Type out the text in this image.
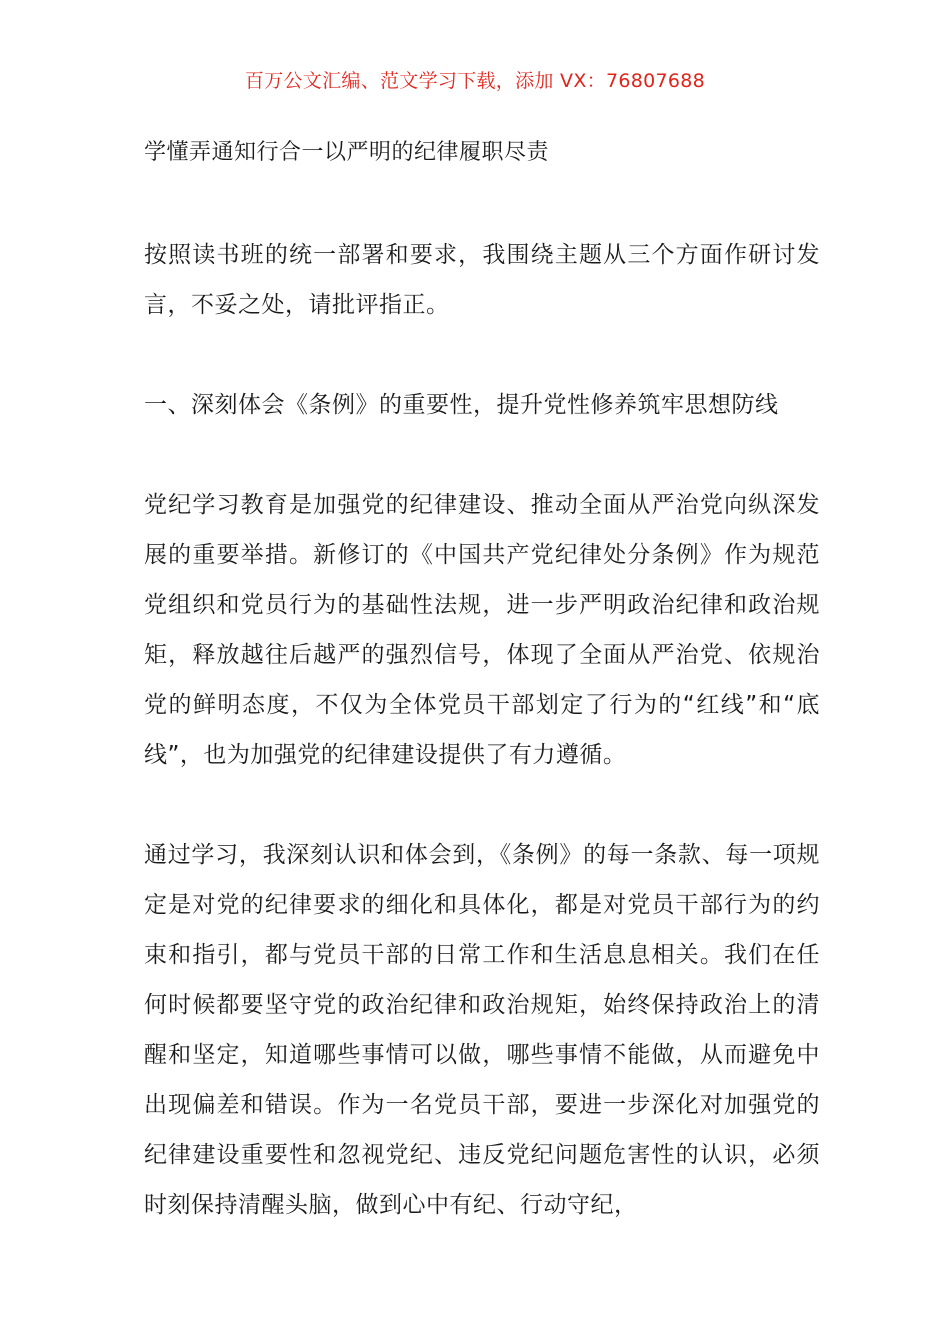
百万公文汇编、范文学习下载，添加 VX：76807688

学懂弄通知行合一以严明的纪律履职尽责

按照读书班的统一部署和要求，我围绕主题从三个方面作研讨发言，不妥之处，请批评指正。

一、深刻体会《条例》的重要性，提升党性修养筑牢思想防线

党纪学习教育是加强党的纪律建设、推动全面从严治党向纵深发展的重要举措。新修订的《中国共产党纪律处分条例》作为规范党组织和党员行为的基础性法规，进一步严明政治纪律和政治规矩，释放越往后越严的强烈信号，体现了全面从严治党、依规治党的鲜明态度，不仅为全体党员干部划定了行为的“红线”和“底线”，也为加强党的纪律建设提供了有力遵循。

通过学习，我深刻认识和体会到，《条例》的每一条款、每一项规定是对党的纪律要求的细化和具体化，都是对党员干部行为的约束和指引，都与党员干部的日常工作和生活息息相关。我们在任何时候都要坚守党的政治纪律和政治规矩，始终保持政治上的清醒和坚定，知道哪些事情可以做，哪些事情不能做，从而避免中出现偏差和错误。作为一名党员干部，要进一步深化对加强党的纪律建设重要性和忽视党纪、违反党纪问题危害性的认识，必须时刻保持清醒头脑，做到心中有纪、行动守纪，
